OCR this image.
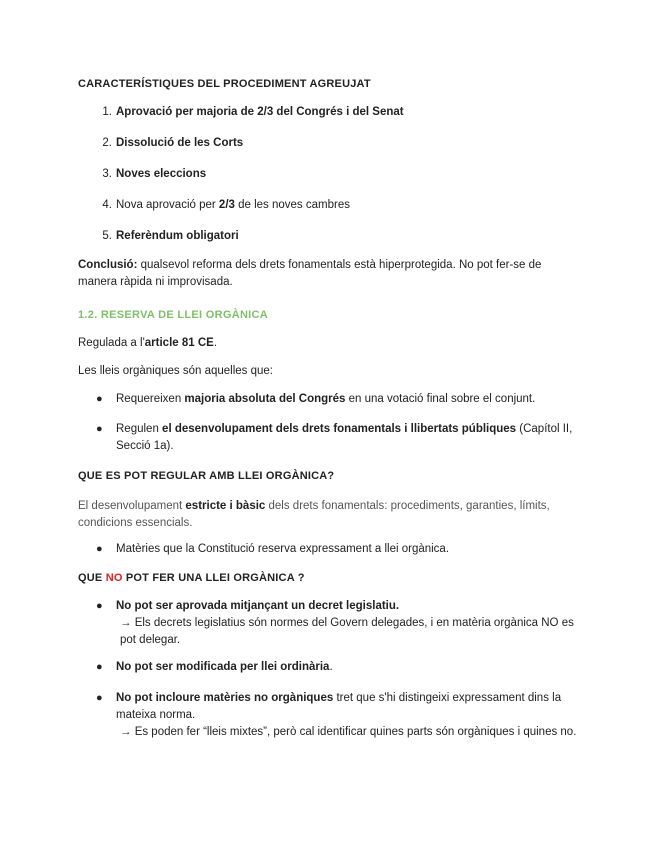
CARACTERÍSTIQUES DEL PROCEDIMENT AGREUJAT
1. Aprovació per majoria de 2/3 del Congrés i del Senat
2. Dissolució de les Corts
3. Noves eleccions
4. Nova aprovació per 2/3 de les noves cambres
5. Referèndum obligatori
Conclusió: qualsevol reforma dels drets fonamentals està hiperprotegida. No pot fer-se de manera ràpida ni improvisada.
1.2. RESERVA DE LLEI ORGÀNICA
Regulada a l'article 81 CE.
Les lleis orgàniques són aquelles que:
● Requereixen majoria absoluta del Congrés en una votació final sobre el conjunt.
● Regulen el desenvolupament dels drets fonamentals i llibertats públiques (Capítol II, Secció 1a).
QUE ES POT REGULAR AMB LLEI ORGÀNICA?
El desenvolupament estricte i bàsic dels drets fonamentals: procediments, garanties, límits, condicions essencials.
● Matèries que la Constitució reserva expressament a llei orgànica.
QUE NO POT FER UNA LLEI ORGÀNICA ?
● No pot ser aprovada mitjançant un decret legislatiu.

→ Els decrets legislatius són normes del Govern delegades, i en matèria orgànica NO es pot delegar.
● No pot ser modificada per llei ordinària.
● No pot incloure matèries no orgàniques tret que s'hi distingeixi expressament dins la mateixa norma.
→ Es poden fer “lleis mixtes”, però cal identificar quines parts són orgàniques i quines no.
